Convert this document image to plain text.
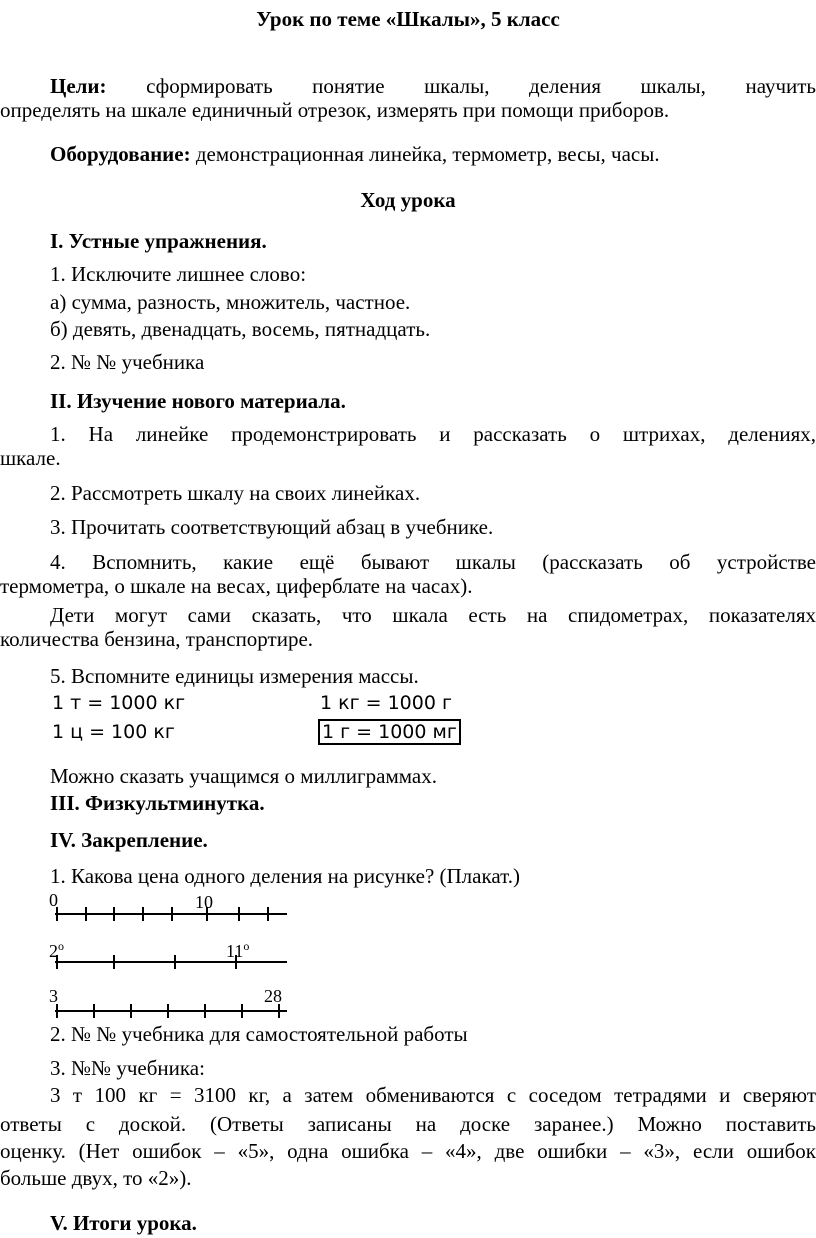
Урок по теме «Шкалы», 5 класс
Цели: сформировать понятие шкалы, деления шкалы, научить
определять на шкале единичный отрезок, измерять при помощи приборов.
Оборудование: демонстрационная линейка, термометр, весы, часы.
Ход урока
I. Устные упражнения.
1. Исключите лишнее слово:
а) сумма, разность, множитель, частное.
б) девять, двенадцать, восемь, пятнадцать.
2. № № учебника
II. Изучение нового материала.
1. На линейке продемонстрировать и рассказать о штрихах, делениях,
шкале.
2. Рассмотреть шкалу на своих линейках.
3. Прочитать соответствующий абзац в учебнике.
4. Вспомнить, какие ещё бывают шкалы (рассказать об устройстве
термометра, о шкале на весах, циферблате на часах).
Дети могут сами сказать, что шкала есть на спидометрах, показателях
количества бензина, транспортире.
5. Вспомните единицы измерения массы.
1 т = 1000 кг	1 кг = 1000 г
1 ц = 100 кг	1 г = 1000 мг
Можно сказать учащимся о миллиграммах.
III. Физкультминутка.
IV. Закрепление.
1. Какова цена одного деления на рисунке? (Плакат.)
0	10
$2^о$	$11^о$
3	28
2. № № учебника для самостоятельной работы
3. №№ учебника:
3 т 100 кг = 3100 кг, а затем обмениваются с соседом тетрадями и сверяют
ответы с доской. (Ответы записаны на доске заранее.) Можно поставить
оценку. (Нет ошибок – «5», одна ошибка – «4», две ошибки – «3», если ошибок
больше двух, то «2»).
V. Итоги урока.
